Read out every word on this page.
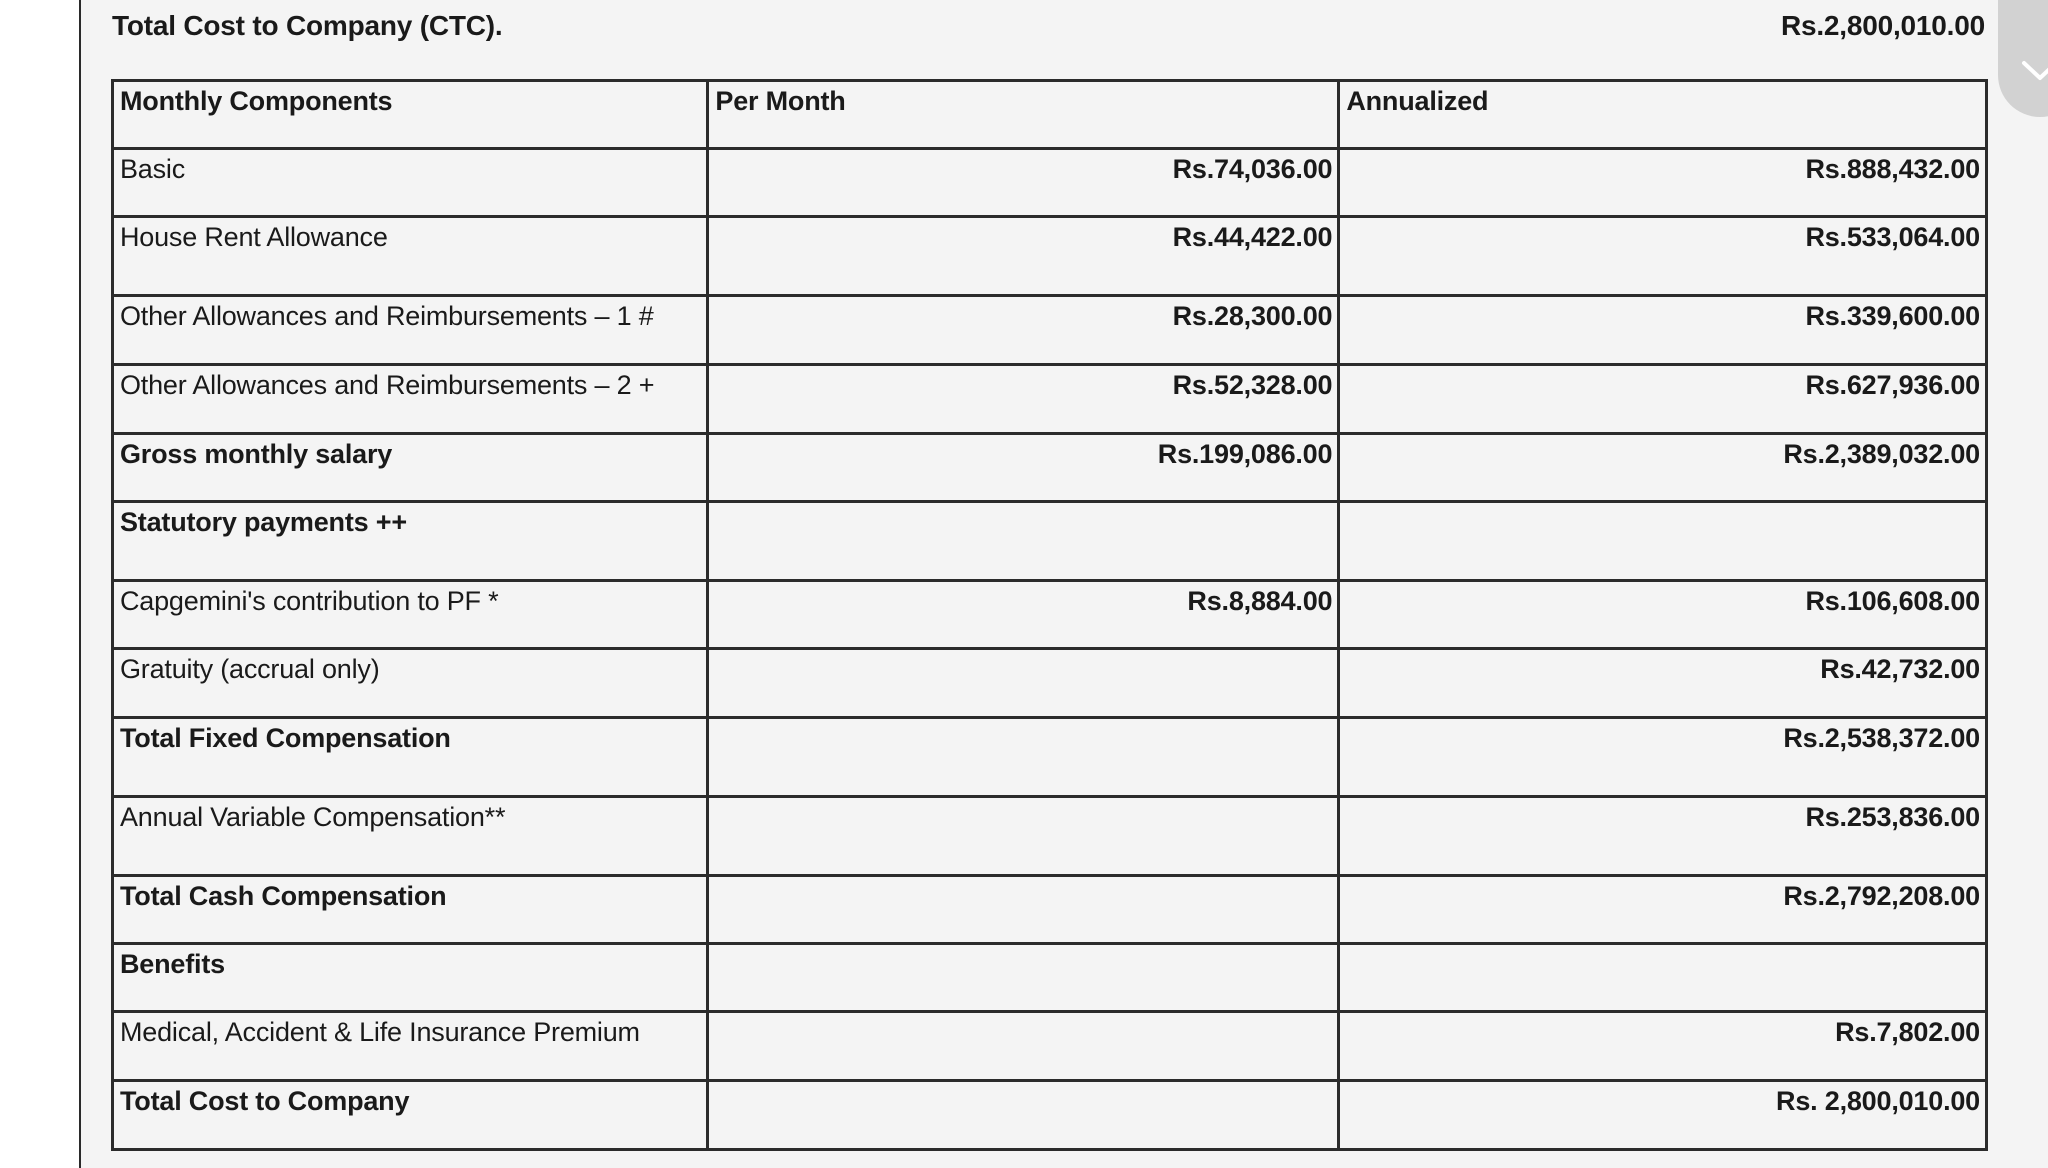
Total Cost to Company (CTC).	Rs.2,800,010.00
Monthly Components	Per Month	Annualized
Basic	Rs.74,036.00	Rs.888,432.00
House Rent Allowance	Rs.44,422.00	Rs.533,064.00
Other Allowances and Reimbursements – 1 #	Rs.28,300.00	Rs.339,600.00
Other Allowances and Reimbursements – 2 +	Rs.52,328.00	Rs.627,936.00
Gross monthly salary	Rs.199,086.00	Rs.2,389,032.00
Statutory payments ++		
Capgemini's contribution to PF *	Rs.8,884.00	Rs.106,608.00
Gratuity (accrual only)		Rs.42,732.00
Total Fixed Compensation		Rs.2,538,372.00
Annual Variable Compensation**		Rs.253,836.00
Total Cash Compensation		Rs.2,792,208.00
Benefits		
Medical, Accident & Life Insurance Premium		Rs.7,802.00
Total Cost to Company		Rs. 2,800,010.00
